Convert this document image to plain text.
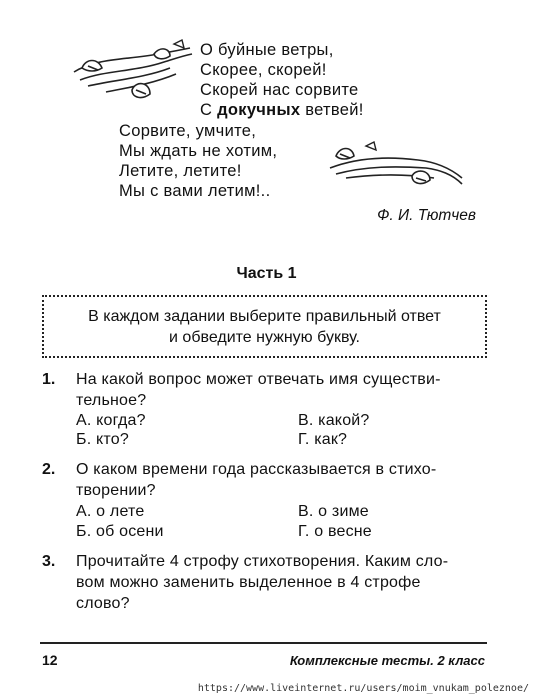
О буйные ветры,
Скорее, скорей!
Скорей нас сорвите
С докучных ветвей!
Сорвите, умчите,
Мы ждать не хотим,
Летите, летите!
Мы с вами летим!..
Ф. И. Тютчев
Часть 1
В каждом задании выберите правильный ответ
и обведите нужную букву.
1. На какой вопрос может отвечать имя существи-
тельное?
А. когда?	В. какой?
Б. кто?	Г. как?
2. О каком времени года рассказывается в стихо-
творении?
А. о лете	В. о зиме
Б. об осени	Г. о весне
3. Прочитайте 4 строфу стихотворения. Каким сло-
вом можно заменить выделенное в 4 строфе
слово?
12	Комплексные тесты. 2 класс
https://www.liveinternet.ru/users/moim_vnukam_poleznoe/
